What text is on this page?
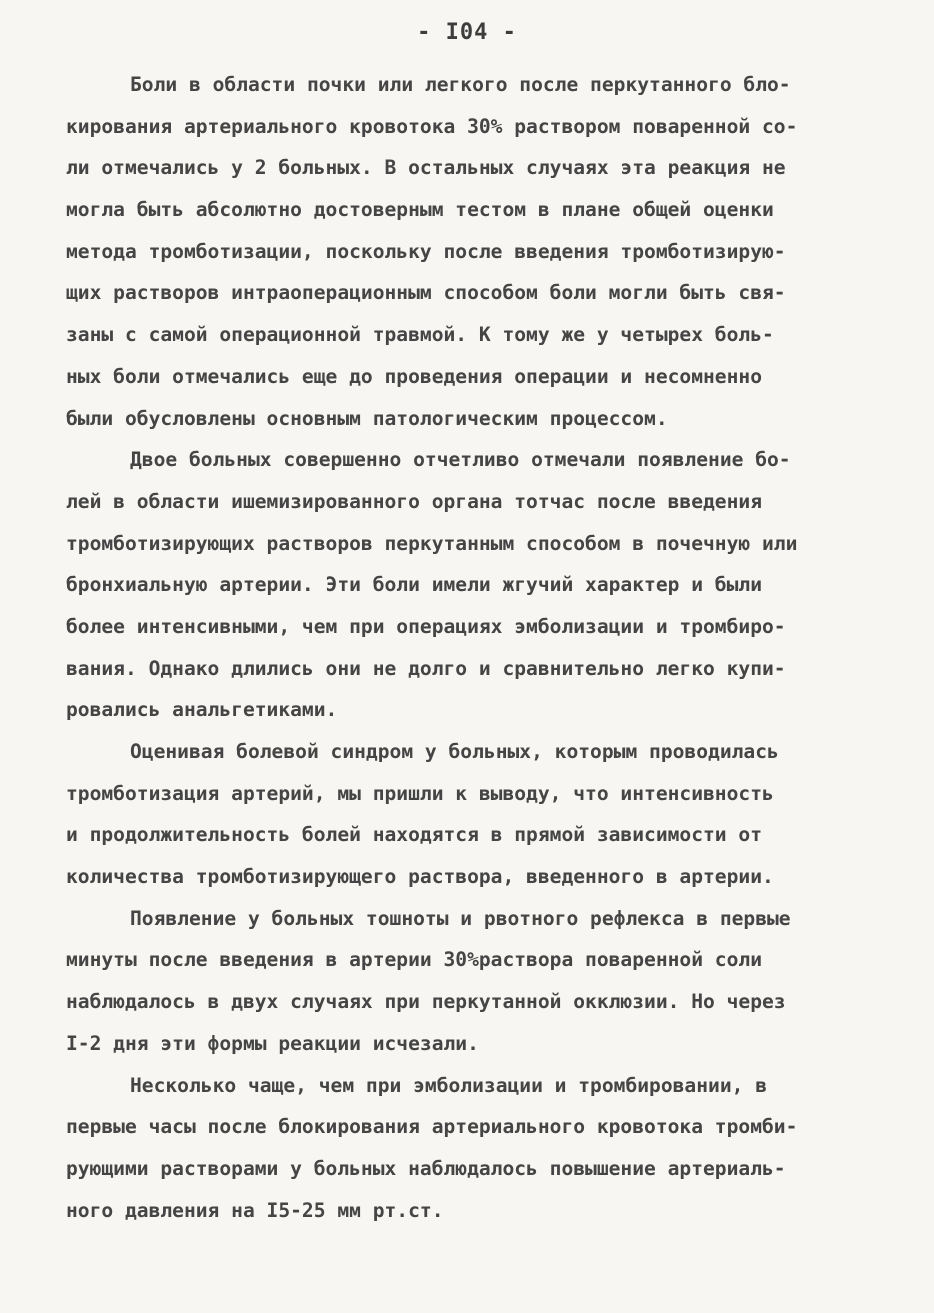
- I04 -
Боли в области почки или легкого после перкутанного бло-
кирования артериального кровотока 30% раствором поваренной со-
ли отмечались у 2 больных. В остальных случаях эта реакция не
могла быть абсолютно достоверным тестом в плане общей оценки
метода тромботизации, поскольку после введения тромботизирую-
щих растворов интраоперационным способом боли могли быть свя-
заны с самой операционной травмой. К тому же у четырех боль-
ных боли отмечались еще до проведения операции и несомненно
были обусловлены основным патологическим процессом.
Двое больных совершенно отчетливо отмечали появление бо-
лей в области ишемизированного органа тотчас после введения
тромботизирующих растворов перкутанным способом в почечную или
бронхиальную артерии. Эти боли имели жгучий характер и были
более интенсивными, чем при операциях эмболизации и тромбиро-
вания. Однако длились они не долго и сравнительно легко купи-
ровались анальгетиками.
Оценивая болевой синдром у больных, которым проводилась
тромботизация артерий, мы пришли к выводу, что интенсивность
и продолжительность болей находятся в прямой зависимости от
количества тромботизирующего раствора, введенного в артерии.
Появление у больных тошноты и рвотного рефлекса в первые
минуты после введения в артерии 30%раствора поваренной соли
наблюдалось в двух случаях при перкутанной окклюзии. Но через
I-2 дня эти формы реакции исчезали.
Несколько чаще, чем при эмболизации и тромбировании, в
первые часы после блокирования артериального кровотока тромби-
рующими растворами у больных наблюдалось повышение артериаль-
ного давления на I5-25 мм рт.ст.
